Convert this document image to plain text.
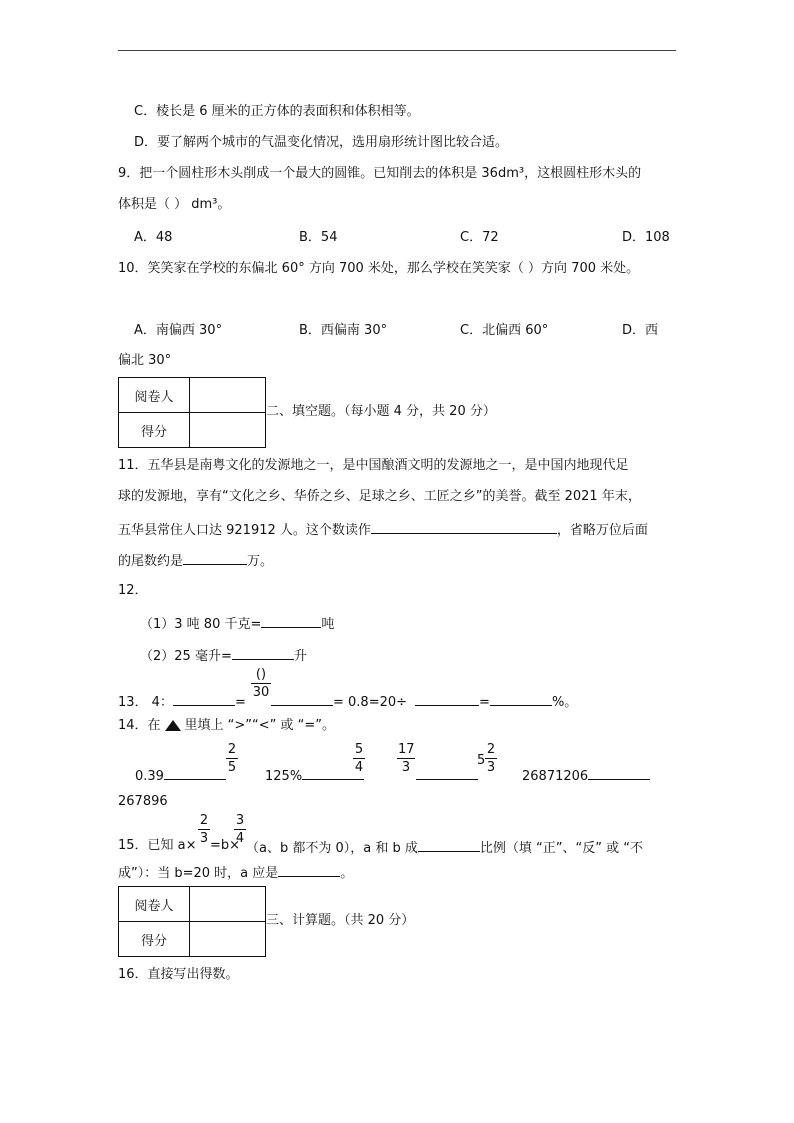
C．棱长是 6 厘米的正方体的表面积和体积相等。
D．要了解两个城市的气温变化情况，选用扇形统计图比较合适。
9．把一个圆柱形木头削成一个最大的圆锥。已知削去的体积是 36dm³，这根圆柱形木头的
体积是（ ） dm³。
A．48	B．54	C．72	D．108
10．笑笑家在学校的东偏北 60° 方向 700 米处，那么学校在笑笑家（ ）方向 700 米处。
A．南偏西 30°	B．西偏南 30°	C．北偏西 60°	D．西
偏北 30°
阅卷人	
得分	
二、填空题。（每小题 4 分，共 20 分）
11．五华县是南粤文化的发源地之一，是中国酿酒文明的发源地之一，是中国内地现代足
球的发源地，享有“文化之乡、华侨之乡、足球之乡、工匠之乡”的美誉。截至 2021 年末，
五华县常住人口达 921912 人。这个数读作	，省略万位后面
的尾数约是	万。
12．
（1）3 吨 80 千克=	吨
（2）25 毫升=	升
13． 4：	=
()
30
= 0.8=20÷	=	%。
14．在 里填上 “>”“<” 或 “=”。
0.39
2
5
125%
5
4
17
3	5
2
3
26871206
267896
15．已知 a×
2
3 =b×
3
4
（a、b 都不为 0），a 和 b 成	比例（填 “正”、“反” 或 “不
成”）：当 b=20 时，a 应是	。
阅卷人	
得分	
三、计算题。（共 20 分）
16．直接写出得数。
